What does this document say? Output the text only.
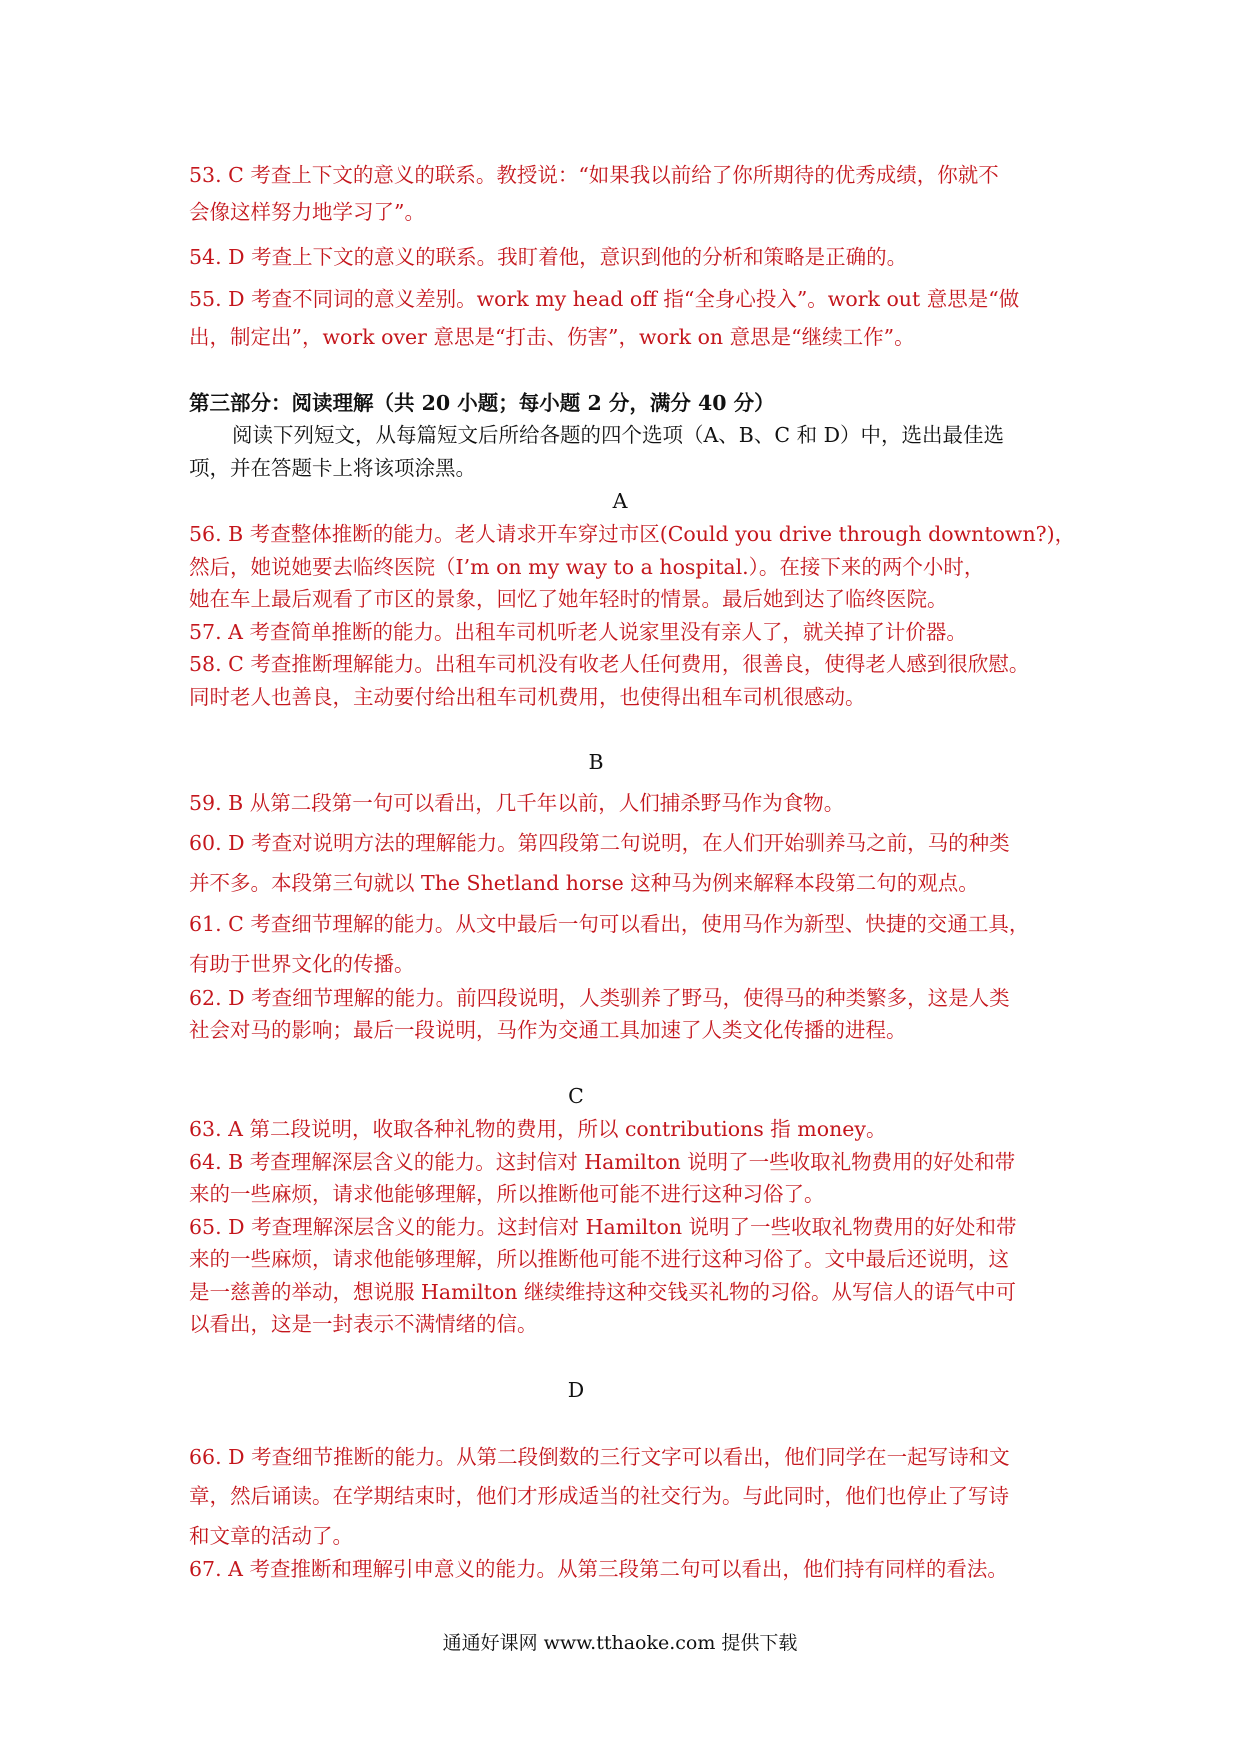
53. C 考查上下文的意义的联系。教授说：“如果我以前给了你所期待的优秀成绩，你就不
会像这样努力地学习了”。
54. D 考查上下文的意义的联系。我盯着他，意识到他的分析和策略是正确的。
55. D 考查不同词的意义差别。work my head off 指“全身心投入”。work out 意思是“做
出，制定出”，work over 意思是“打击、伤害”，work on 意思是“继续工作”。
第三部分：阅读理解（共 20 小题；每小题 2 分，满分 40 分）
阅读下列短文，从每篇短文后所给各题的四个选项（A、B、C 和 D）中，选出最佳选
项，并在答题卡上将该项涂黑。
A
56. B 考查整体推断的能力。老人请求开车穿过市区(Could you drive through downtown?)，
然后，她说她要去临终医院（I’m on my way to a hospital.）。在接下来的两个小时，
她在车上最后观看了市区的景象，回忆了她年轻时的情景。最后她到达了临终医院。
57. A 考查简单推断的能力。出租车司机听老人说家里没有亲人了，就关掉了计价器。
58. C 考查推断理解能力。出租车司机没有收老人任何费用，很善良，使得老人感到很欣慰。
同时老人也善良，主动要付给出租车司机费用，也使得出租车司机很感动。
B
59. B 从第二段第一句可以看出，几千年以前，人们捕杀野马作为食物。
60. D 考查对说明方法的理解能力。第四段第二句说明，在人们开始驯养马之前，马的种类
并不多。本段第三句就以 The Shetland horse 这种马为例来解释本段第二句的观点。
61. C 考查细节理解的能力。从文中最后一句可以看出，使用马作为新型、快捷的交通工具，
有助于世界文化的传播。
62. D 考查细节理解的能力。前四段说明，人类驯养了野马，使得马的种类繁多，这是人类
社会对马的影响；最后一段说明，马作为交通工具加速了人类文化传播的进程。
C
63. A 第二段说明，收取各种礼物的费用，所以 contributions 指 money。
64. B 考查理解深层含义的能力。这封信对 Hamilton 说明了一些收取礼物费用的好处和带
来的一些麻烦，请求他能够理解，所以推断他可能不进行这种习俗了。
65. D 考查理解深层含义的能力。这封信对 Hamilton 说明了一些收取礼物费用的好处和带
来的一些麻烦，请求他能够理解，所以推断他可能不进行这种习俗了。文中最后还说明，这
是一慈善的举动，想说服 Hamilton 继续维持这种交钱买礼物的习俗。从写信人的语气中可
以看出，这是一封表示不满情绪的信。
D
66. D 考查细节推断的能力。从第二段倒数的三行文字可以看出，他们同学在一起写诗和文
章，然后诵读。在学期结束时，他们才形成适当的社交行为。与此同时，他们也停止了写诗
和文章的活动了。
67. A 考查推断和理解引申意义的能力。从第三段第二句可以看出，他们持有同样的看法。
通通好课网 www.tthaoke.com 提供下载
